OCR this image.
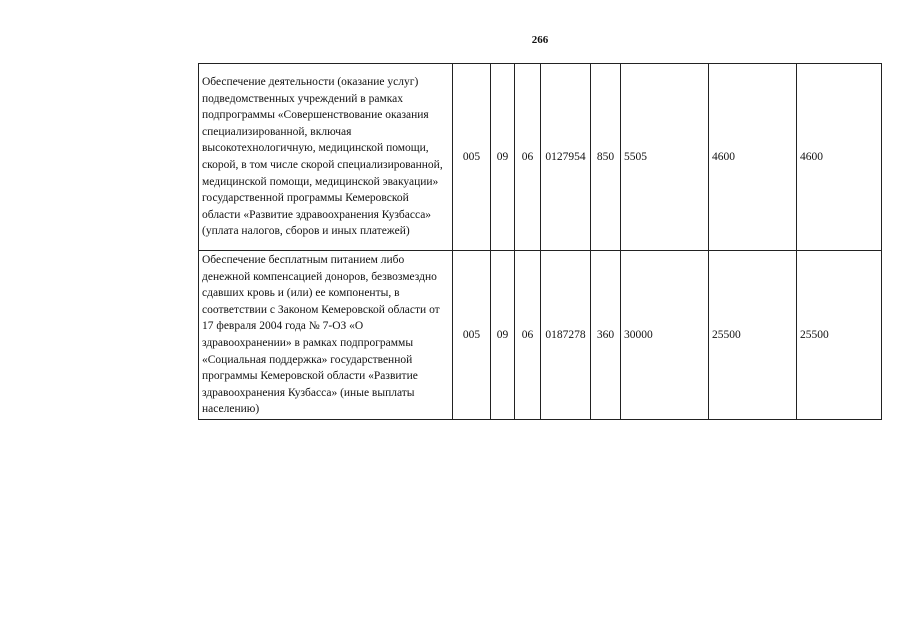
266
Обеспечение деятельности (оказание услуг) подведомственных учреждений в рамках подпрограммы «Совершенствование оказания специализированной, включая высокотехнологичную, медицинской помощи, скорой, в том числе скорой специализированной, медицинской помощи, медицинской эвакуации» государственной программы Кемеровской области «Развитие здравоохранения Кузбасса» (уплата налогов, сборов и иных платежей)	005	09	06	0127954	850	5505	4600	4600
Обеспечение бесплатным питанием либо денежной компенсацией доноров, безвозмездно сдавших кровь и (или) ее компоненты, в соответствии с Законом Кемеровской области от 17 февраля 2004 года № 7-ОЗ «О здравоохранении» в рамках подпрограммы «Социальная поддержка» государственной программы Кемеровской области «Развитие здравоохранения Кузбасса» (иные выплаты населению)	005	09	06	0187278	360	30000	25500	25500
